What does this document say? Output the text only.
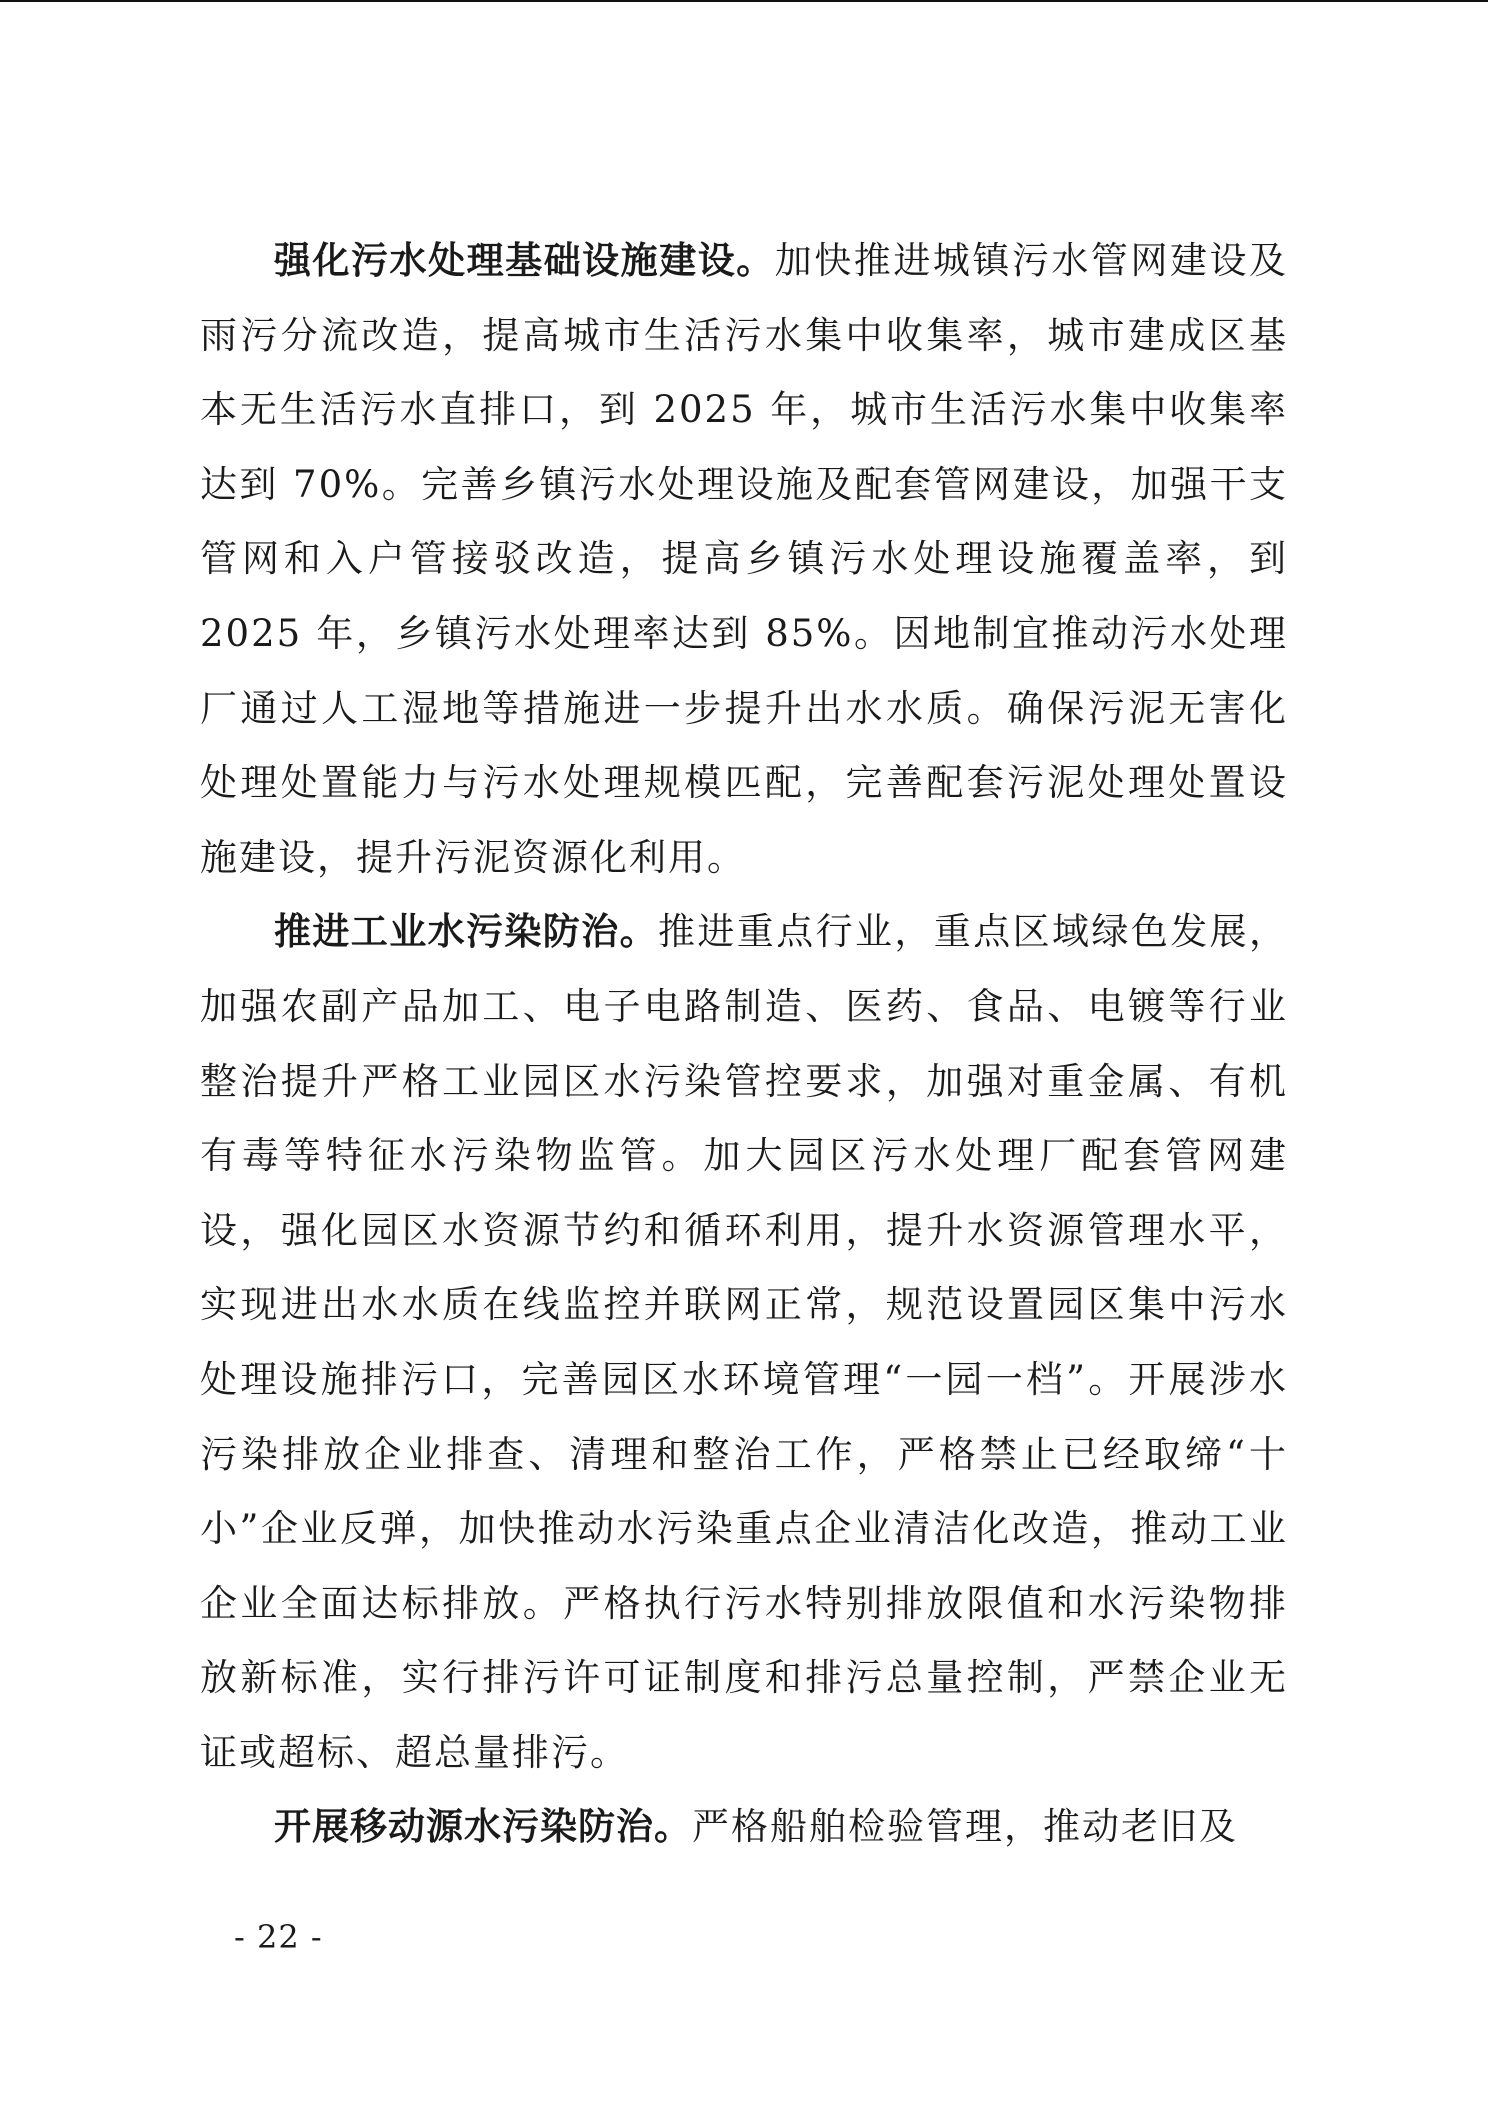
强化污水处理基础设施建设。加快推进城镇污水管网建设及雨污分流改造，提高城市生活污水集中收集率，城市建成区基本无生活污水直排口，到 2025 年，城市生活污水集中收集率达到 70%。完善乡镇污水处理设施及配套管网建设，加强干支管网和入户管接驳改造，提高乡镇污水处理设施覆盖率，到 2025 年，乡镇污水处理率达到 85%。因地制宜推动污水处理厂通过人工湿地等措施进一步提升出水水质。确保污泥无害化处理处置能力与污水处理规模匹配，完善配套污泥处理处置设施建设，提升污泥资源化利用。

推进工业水污染防治。推进重点行业，重点区域绿色发展，加强农副产品加工、电子电路制造、医药、食品、电镀等行业整治提升严格工业园区水污染管控要求，加强对重金属、有机有毒等特征水污染物监管。加大园区污水处理厂配套管网建设，强化园区水资源节约和循环利用，提升水资源管理水平，实现进出水水质在线监控并联网正常，规范设置园区集中污水处理设施排污口，完善园区水环境管理“一园一档”。开展涉水污染排放企业排查、清理和整治工作，严格禁止已经取缔“十小”企业反弹，加快推动水污染重点企业清洁化改造，推动工业企业全面达标排放。严格执行污水特别排放限值和水污染物排放新标准，实行排污许可证制度和排污总量控制，严禁企业无证或超标、超总量排污。

开展移动源水污染防治。严格船舶检验管理，推动老旧及

- 22 -
